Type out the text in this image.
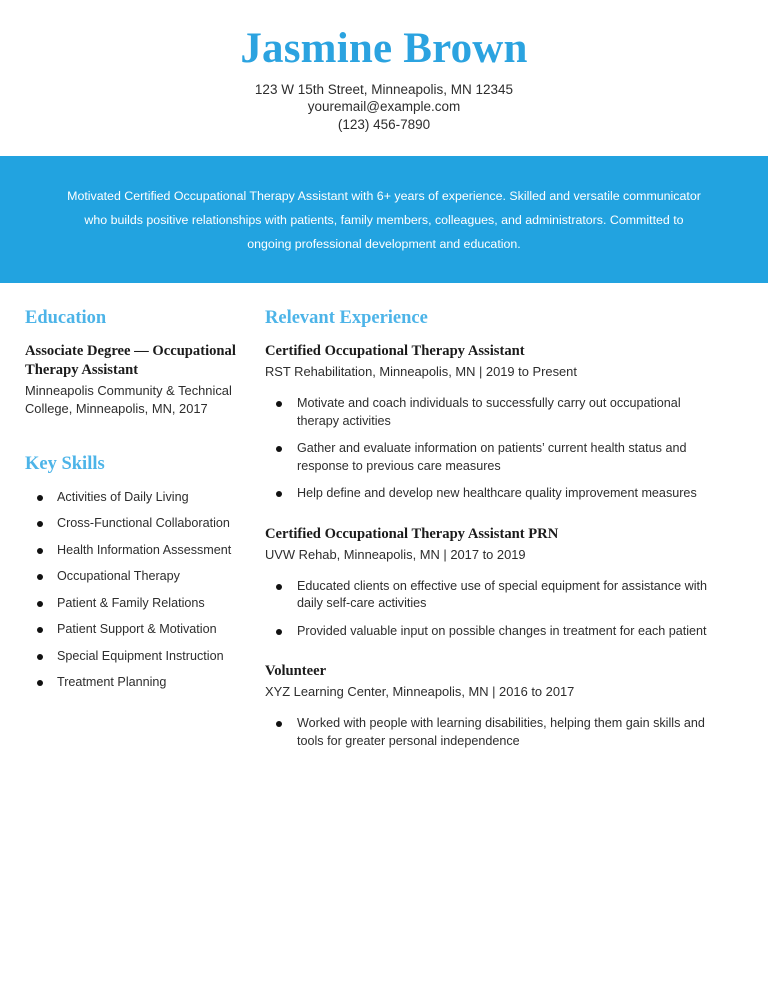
Jasmine Brown
123 W 15th Street, Minneapolis, MN 12345
youremail@example.com
(123) 456-7890
Motivated Certified Occupational Therapy Assistant with 6+ years of experience. Skilled and versatile communicator who builds positive relationships with patients, family members, colleagues, and administrators. Committed to ongoing professional development and education.
Education
Associate Degree — Occupational Therapy Assistant
Minneapolis Community & Technical College, Minneapolis, MN, 2017
Key Skills
Activities of Daily Living
Cross-Functional Collaboration
Health Information Assessment
Occupational Therapy
Patient & Family Relations
Patient Support & Motivation
Special Equipment Instruction
Treatment Planning
Relevant Experience
Certified Occupational Therapy Assistant
RST Rehabilitation, Minneapolis, MN | 2019 to Present
Motivate and coach individuals to successfully carry out occupational therapy activities
Gather and evaluate information on patients’ current health status and response to previous care measures
Help define and develop new healthcare quality improvement measures
Certified Occupational Therapy Assistant PRN
UVW Rehab, Minneapolis, MN | 2017 to 2019
Educated clients on effective use of special equipment for assistance with daily self-care activities
Provided valuable input on possible changes in treatment for each patient
Volunteer
XYZ Learning Center, Minneapolis, MN | 2016 to 2017
Worked with people with learning disabilities, helping them gain skills and tools for greater personal independence
